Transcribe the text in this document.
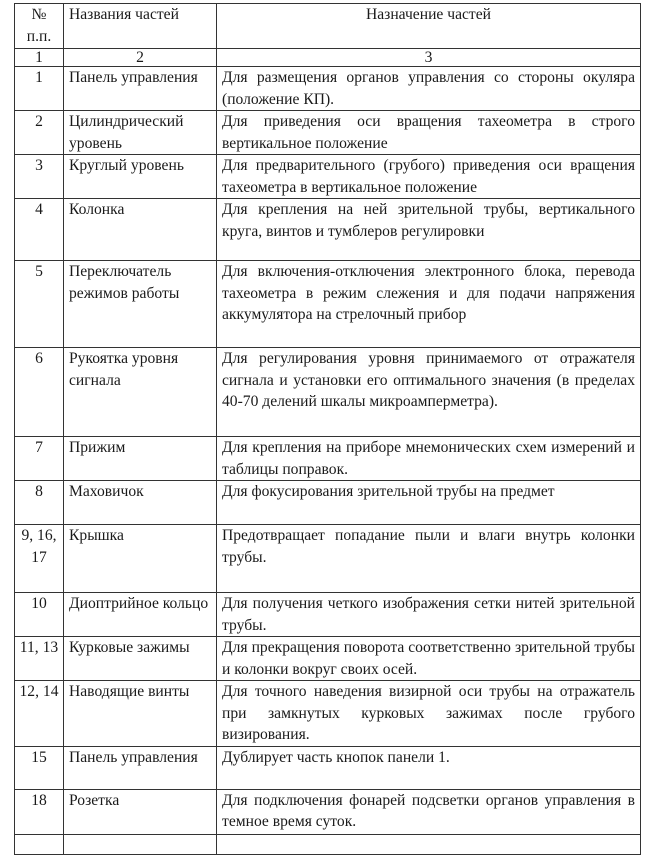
№ п.п.	Названия частей	Назначение частей
1	2	3
1	Панель управления	Для размещения органов управления со стороны окуляра (положение КП).
2	Цилиндрический уровень	Для приведения оси вращения тахеометра в строго вертикальное положение
3	Круглый уровень	Для предварительного (грубого) приведения оси вращения тахеометра в вертикальное положение
4	Колонка	Для крепления на ней зрительной трубы, вертикального круга, винтов и тумблеров регулировки
5	Переключатель режимов работы	Для включения-отключения электронного блока, перевода тахеометра в режим слежения и для подачи напряжения аккумулятора на стрелочный прибор
6	Рукоятка уровня сигнала	Для регулирования уровня принимаемого от отражателя сигнала и установки его оптимального значения (в пределах 40-70 делений шкалы микроамперметра).
7	Прижим	Для крепления на приборе мнемонических схем измерений и таблицы поправок.
8	Маховичок	Для фокусирования зрительной трубы на предмет
9, 16, 17	Крышка	Предотвращает попадание пыли и влаги внутрь колонки трубы.
10	Диоптрийное кольцо	Для получения четкого изображения сетки нитей зрительной трубы.
11, 13	Курковые зажимы	Для прекращения поворота соответственно зрительной трубы и колонки вокруг своих осей.
12, 14	Наводящие винты	Для точного наведения визирной оси трубы на отражатель при замкнутых курковых зажимах после грубого визирования.
15	Панель управления	Дублирует часть кнопок панели 1.
18	Розетка	Для подключения фонарей подсветки органов управления в темное время суток.
